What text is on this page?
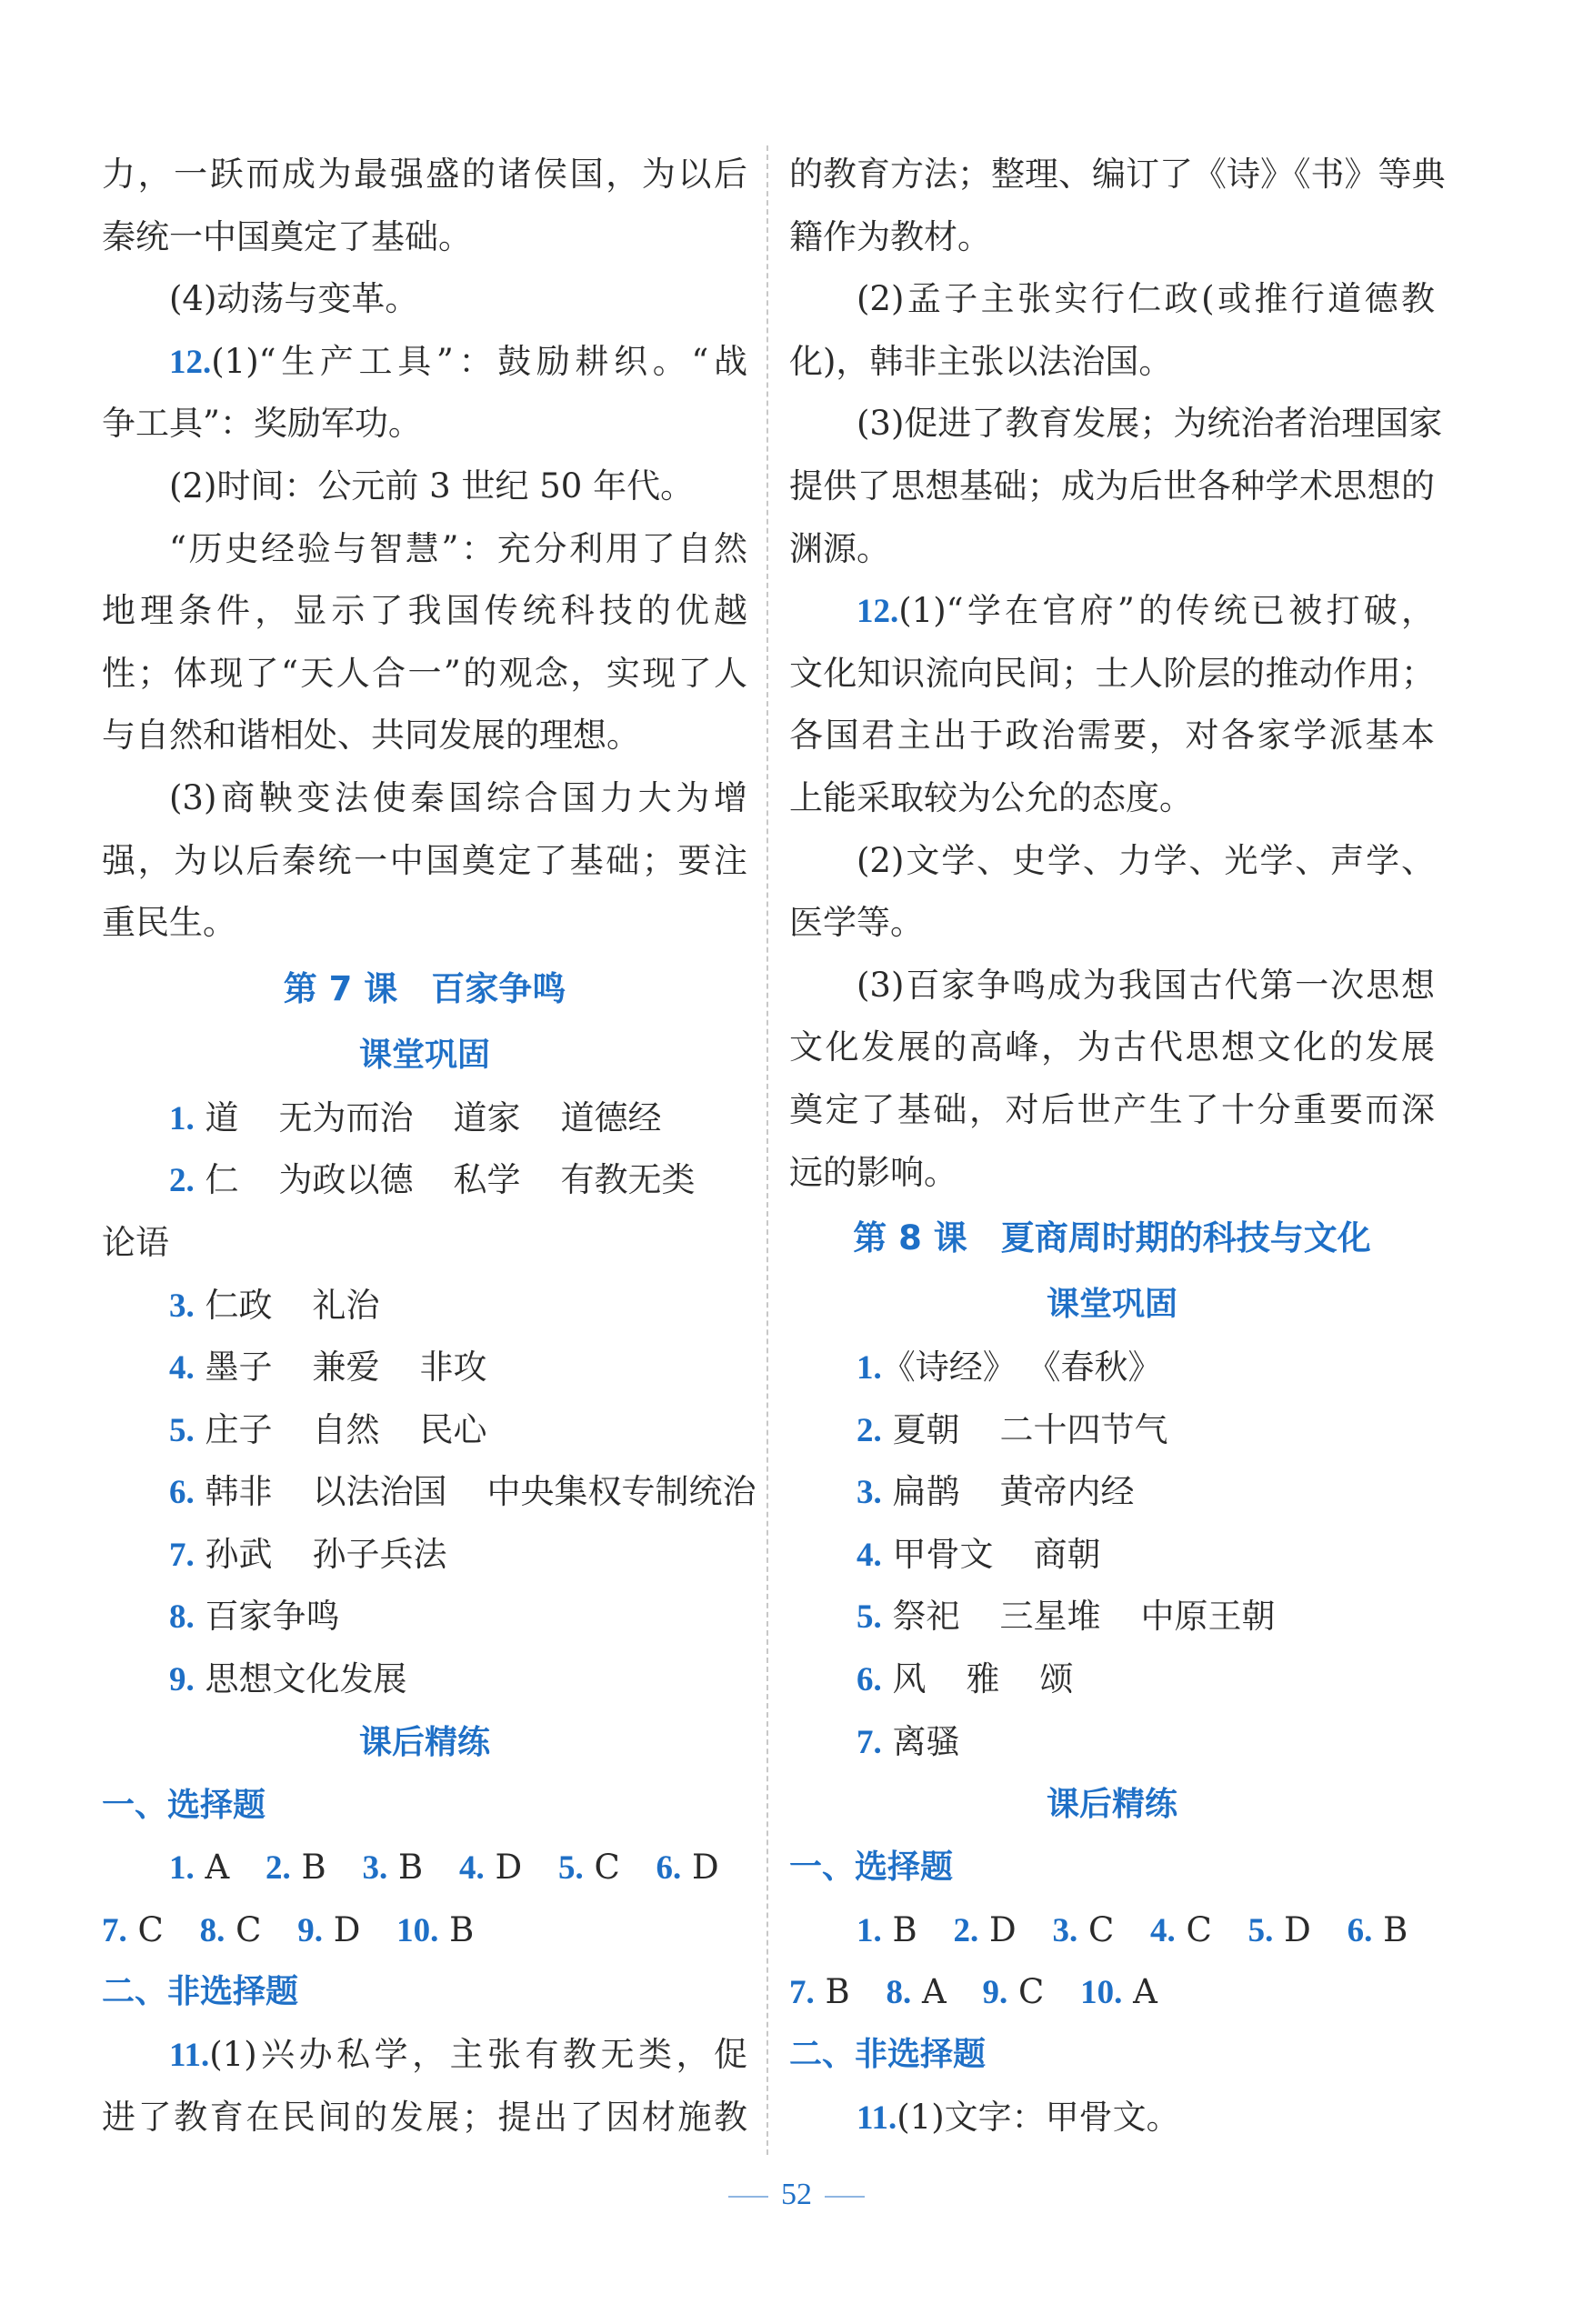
力，一跃而成为最强盛的诸侯国，为以后
秦统一中国奠定了基础。
(4)动荡与变革。
12.(1)“生产工具”：鼓励耕织。“战
争工具”：奖励军功。
(2)时间：公元前 3 世纪 50 年代。
“历史经验与智慧”：充分利用了自然
地理条件，显示了我国传统科技的优越
性；体现了“天人合一”的观念，实现了人
与自然和谐相处、共同发展的理想。
(3)商鞅变法使秦国综合国力大为增
强，为以后秦统一中国奠定了基础；要注
重民生。
第 7 课　百家争鸣
课堂巩固
1. 道 无为而治 道家 道德经
2. 仁 为政以德 私学 有教无类
论语
3. 仁政 礼治
4. 墨子 兼爱 非攻
5. 庄子 自然 民心
6. 韩非 以法治国 中央集权专制统治
7. 孙武 孙子兵法
8. 百家争鸣
9. 思想文化发展
课后精练
一、选择题
1. A 2. B 3. B 4. D 5. C 6. D
7. C 8. C 9. D 10. B
二、非选择题
11.(1)兴办私学，主张有教无类，促
进了教育在民间的发展；提出了因材施教
的教育方法；整理、编订了《诗》《书》等典
籍作为教材。
(2)孟子主张实行仁政(或推行道德教
化)，韩非主张以法治国。
(3)促进了教育发展；为统治者治理国家
提供了思想基础；成为后世各种学术思想的
渊源。
12.(1)“学在官府”的传统已被打破，
文化知识流向民间；士人阶层的推动作用；
各国君主出于政治需要，对各家学派基本
上能采取较为公允的态度。
(2)文学、史学、力学、光学、声学、
医学等。
(3)百家争鸣成为我国古代第一次思想
文化发展的高峰，为古代思想文化的发展
奠定了基础，对后世产生了十分重要而深
远的影响。
第 8 课　夏商周时期的科技与文化
课堂巩固
1.《诗经》 《春秋》
2. 夏朝 二十四节气
3. 扁鹊 黄帝内经
4. 甲骨文 商朝
5. 祭祀 三星堆 中原王朝
6. 风 雅 颂
7. 离骚
课后精练
一、选择题
1. B 2. D 3. C 4. C 5. D 6. B
7. B 8. A 9. C 10. A
二、非选择题
11.(1)文字：甲骨文。
52
